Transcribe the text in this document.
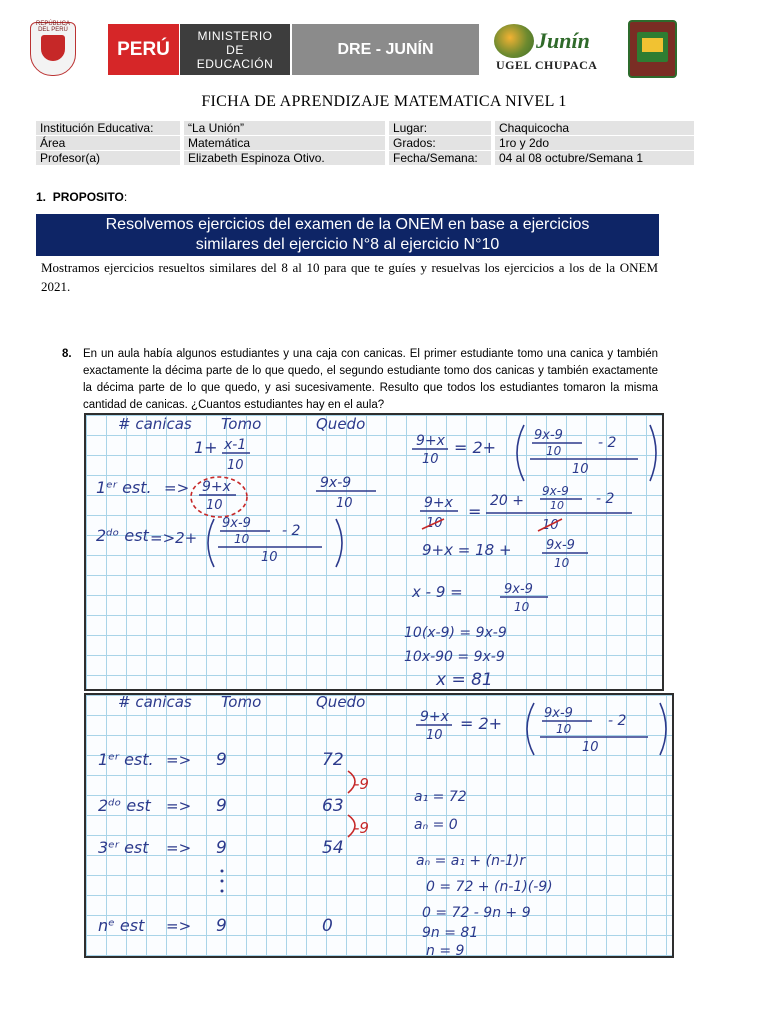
REPÚBLICA DEL PERÚ
PERÚ
MINISTERIO
DE
EDUCACIÓN
DRE - JUNÍN	Junín
UGEL CHUPACA
FICHA DE APRENDIZAJE MATEMATICA NIVEL 1
Institución Educativa:		“La Unión”		Lugar:		Chaquicocha
Área		Matemática		Grados:		1ro y 2do
Profesor(a)		Elizabeth Espinoza Otivo.		Fecha/Semana:		04 al 08 octubre/Semana 1
1. PROPOSITO:
Resolvemos ejercicios del examen de la ONEM en base a ejercicios
similares del ejercicio N°8 al ejercicio N°10
Mostramos ejercicios resueltos similares del 8 al 10 para que te guíes y resuelvas los ejercicios a los de la ONEM 2021.
8. En un aula había algunos estudiantes y una caja con canicas. El primer estudiante tomo una canica y también exactamente la décima parte de lo que quedo, el segundo estudiante tomo dos canicas y también exactamente la décima parte de lo que quedo, y asi sucesivamente. Resulto que todos los estudiantes tomaron la misma cantidad de canicas. ¿Cuantos estudiantes hay en el aula?
# canicas Tomo	Quedo
1+ x-1
10
1ᵉʳ est. => 9+x
10
9x-9
10
2ᵈᵒ est =>2+
9x-9
10 - 2
10
9+x
10
= 2+
9x-9
10	- 2
10
9+x
10
=
20 +
9x-9
10 - 2
10
9+x = 18 +	9x-9
10
x - 9 =	9x-9
10
10(x-9) = 9x-9
10x-90 = 9x-9
x = 81
# canicas Tomo	Quedo
1ᵉʳ est. => 9	72
2ᵈᵒ est => 9	63
3ᵉʳ est => 9	54
nᵉ est => 9	0
-9
-9
9+x
10
= 2+
9x-9
10	- 2
10
a₁ = 72
aₙ = 0
aₙ = a₁ + (n-1)r
0 = 72 + (n-1)(-9)
0 = 72 - 9n + 9
9n = 81
n = 9
